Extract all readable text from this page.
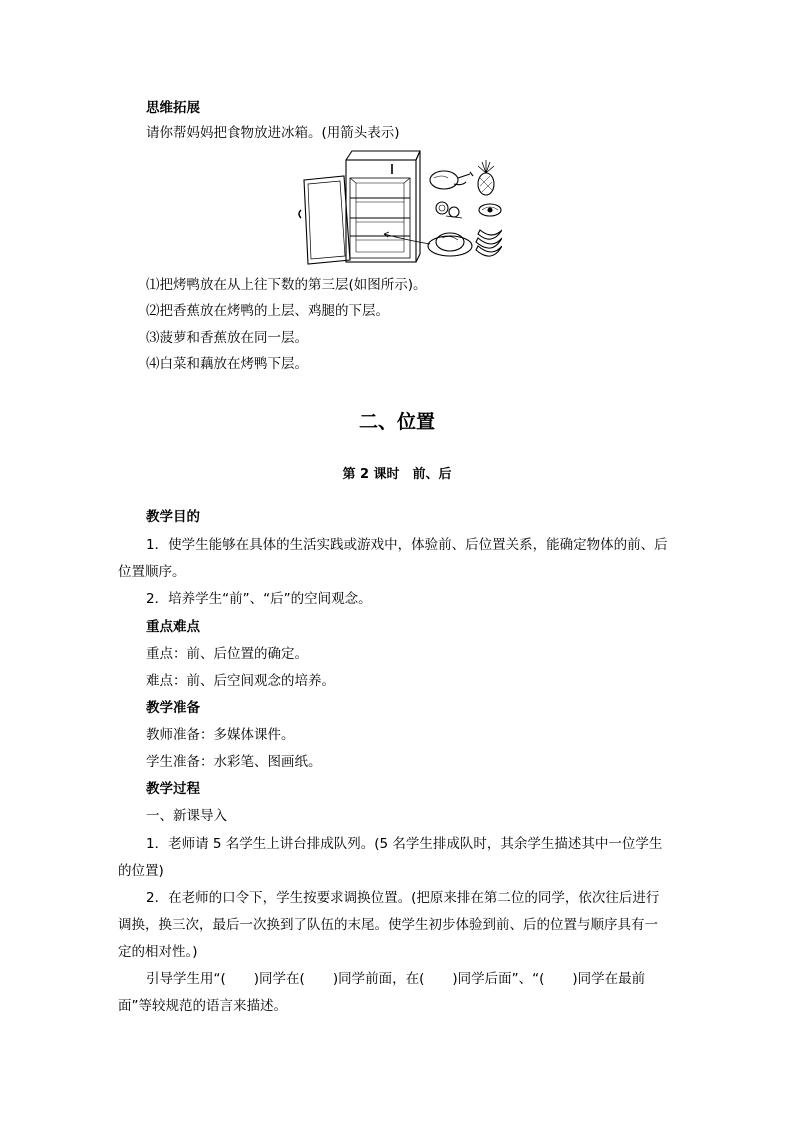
思维拓展
请你帮妈妈把食物放进冰箱。(用箭头表示)
⑴把烤鸭放在从上往下数的第三层(如图所示)。
⑵把香蕉放在烤鸭的上层、鸡腿的下层。
⑶菠萝和香蕉放在同一层。
⑷白菜和藕放在烤鸭下层。
二、位置
第 2 课时　前、后
教学目的
1．使学生能够在具体的生活实践或游戏中，体验前、后位置关系，能确定物体的前、后
位置顺序。
2．培养学生“前”、“后”的空间观念。
重点难点
重点：前、后位置的确定。
难点：前、后空间观念的培养。
教学准备
教师准备：多媒体课件。
学生准备：水彩笔、图画纸。
教学过程
一、新课导入
1．老师请 5 名学生上讲台排成队列。(5 名学生排成队时，其余学生描述其中一位学生
的位置)
2．在老师的口令下，学生按要求调换位置。(把原来排在第二位的同学，依次往后进行
调换，换三次，最后一次换到了队伍的末尾。使学生初步体验到前、后的位置与顺序具有一
定的相对性。)
引导学生用“( )同学在( )同学前面，在( )同学后面”、“( )同学在最前
面”等较规范的语言来描述。
